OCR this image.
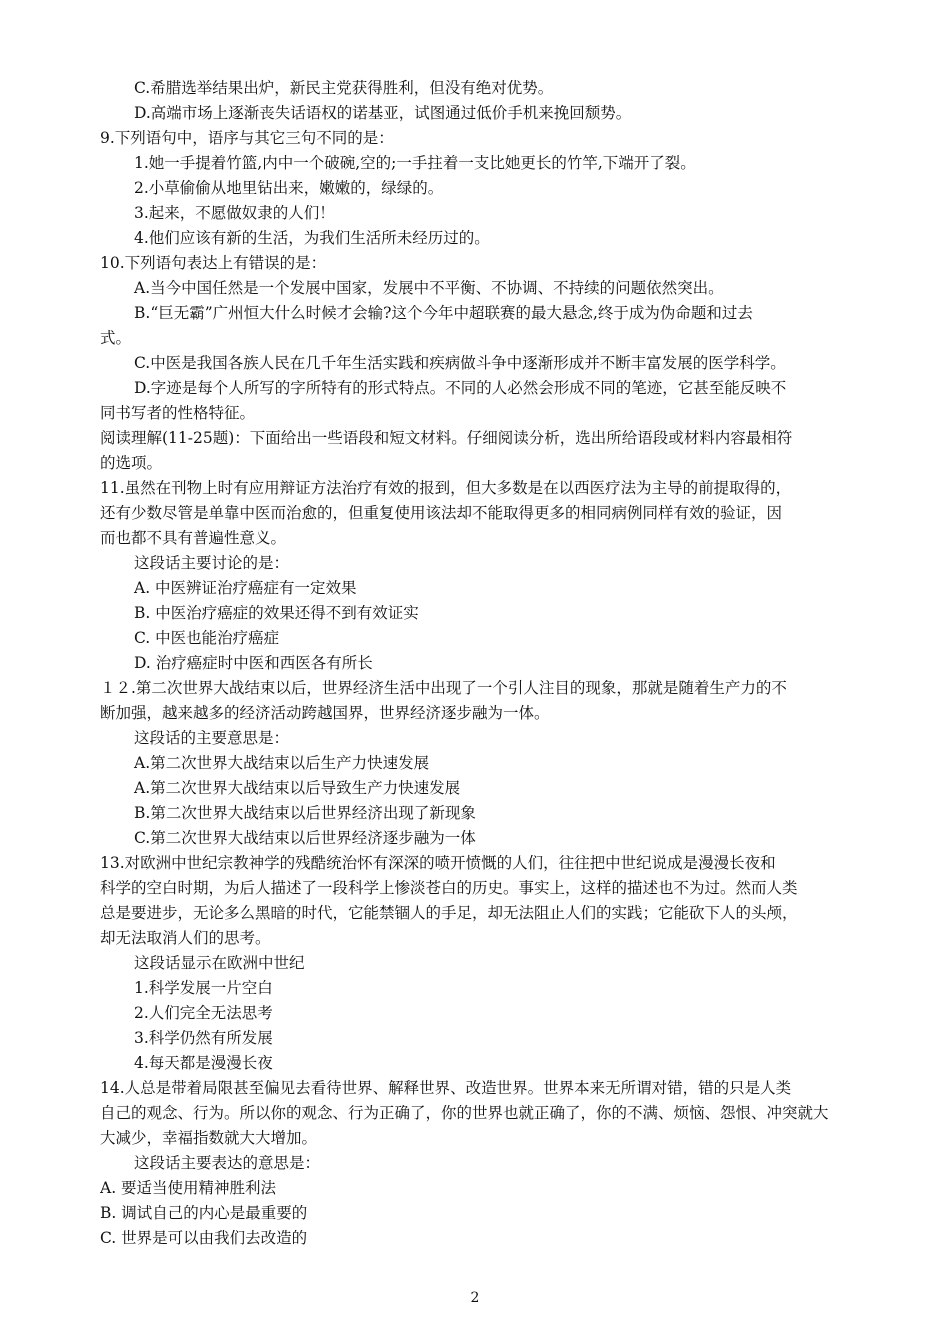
C.希腊选举结果出炉，新民主党获得胜利，但没有绝对优势。
D.高端市场上逐渐丧失话语权的诺基亚，试图通过低价手机来挽回颓势。
9.下列语句中，语序与其它三句不同的是：
1.她一手提着竹篮,内中一个破碗,空的;一手拄着一支比她更长的竹竿,下端开了裂。
2.小草偷偷从地里钻出来，嫩嫩的，绿绿的。
3.起来，不愿做奴隶的人们！
4.他们应该有新的生活，为我们生活所未经历过的。
10.下列语句表达上有错误的是：
A.当今中国任然是一个发展中国家，发展中不平衡、不协调、不持续的问题依然突出。
B.“巨无霸”广州恒大什么时候才会输?这个今年中超联赛的最大悬念,终于成为伪命题和过去
式。
C.中医是我国各族人民在几千年生活实践和疾病做斗争中逐渐形成并不断丰富发展的医学科学。
D.字迹是每个人所写的字所特有的形式特点。不同的人必然会形成不同的笔迹，它甚至能反映不
同书写者的性格特征。
阅读理解(11-25题)：下面给出一些语段和短文材料。仔细阅读分析，选出所给语段或材料内容最相符
的选项。
11.虽然在刊物上时有应用辩证方法治疗有效的报到，但大多数是在以西医疗法为主导的前提取得的，
还有少数尽管是单靠中医而治愈的，但重复使用该法却不能取得更多的相同病例同样有效的验证，因
而也都不具有普遍性意义。
这段话主要讨论的是：
A. 中医辨证治疗癌症有一定效果
B. 中医治疗癌症的效果还得不到有效证实
C. 中医也能治疗癌症
D. 治疗癌症时中医和西医各有所长
１２.第二次世界大战结束以后，世界经济生活中出现了一个引人注目的现象，那就是随着生产力的不
断加强，越来越多的经济活动跨越国界，世界经济逐步融为一体。
这段话的主要意思是：
A.第二次世界大战结束以后生产力快速发展
A.第二次世界大战结束以后导致生产力快速发展
B.第二次世界大战结束以后世界经济出现了新现象
C.第二次世界大战结束以后世界经济逐步融为一体
13.对欧洲中世纪宗教神学的残酷统治怀有深深的喷开愤慨的人们，往往把中世纪说成是漫漫长夜和
科学的空白时期，为后人描述了一段科学上惨淡苍白的历史。事实上，这样的描述也不为过。然而人类
总是要进步，无论多么黑暗的时代，它能禁锢人的手足，却无法阻止人们的实践；它能砍下人的头颅，
却无法取消人们的思考。
这段话显示在欧洲中世纪
1.科学发展一片空白
2.人们完全无法思考
3.科学仍然有所发展
4.每天都是漫漫长夜
14.人总是带着局限甚至偏见去看待世界、解释世界、改造世界。世界本来无所谓对错，错的只是人类
自己的观念、行为。所以你的观念、行为正确了，你的世界也就正确了，你的不满、烦恼、怨恨、冲突就大
大减少，幸福指数就大大增加。
这段话主要表达的意思是：
A. 要适当使用精神胜利法
B. 调试自己的内心是最重要的
C. 世界是可以由我们去改造的
2
